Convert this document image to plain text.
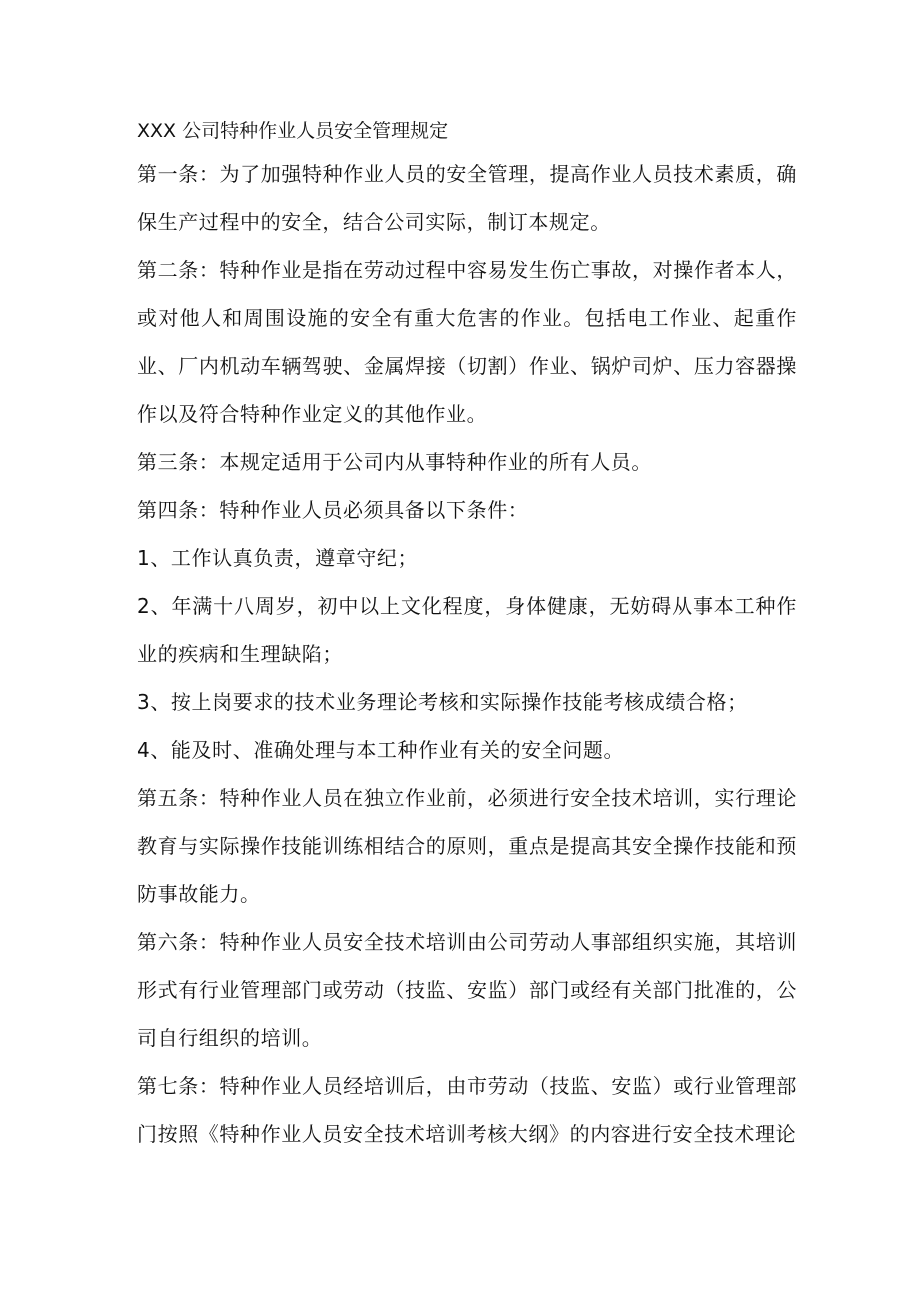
XXX 公司特种作业人员安全管理规定

第一条：为了加强特种作业人员的安全管理，提高作业人员技术素质，确保生产过程中的安全，结合公司实际，制订本规定。

第二条：特种作业是指在劳动过程中容易发生伤亡事故，对操作者本人，或对他人和周围设施的安全有重大危害的作业。包括电工作业、起重作业、厂内机动车辆驾驶、金属焊接（切割）作业、锅炉司炉、压力容器操作以及符合特种作业定义的其他作业。

第三条：本规定适用于公司内从事特种作业的所有人员。

第四条：特种作业人员必须具备以下条件：

1、工作认真负责，遵章守纪；

2、年满十八周岁，初中以上文化程度，身体健康，无妨碍从事本工种作业的疾病和生理缺陷；

3、按上岗要求的技术业务理论考核和实际操作技能考核成绩合格；

4、能及时、准确处理与本工种作业有关的安全问题。

第五条：特种作业人员在独立作业前，必须进行安全技术培训，实行理论教育与实际操作技能训练相结合的原则，重点是提高其安全操作技能和预防事故能力。

第六条：特种作业人员安全技术培训由公司劳动人事部组织实施，其培训形式有行业管理部门或劳动（技监、安监）部门或经有关部门批准的，公司自行组织的培训。

第七条：特种作业人员经培训后，由市劳动（技监、安监）或行业管理部门按照《特种作业人员安全技术培训考核大纲》的内容进行安全技术理论
